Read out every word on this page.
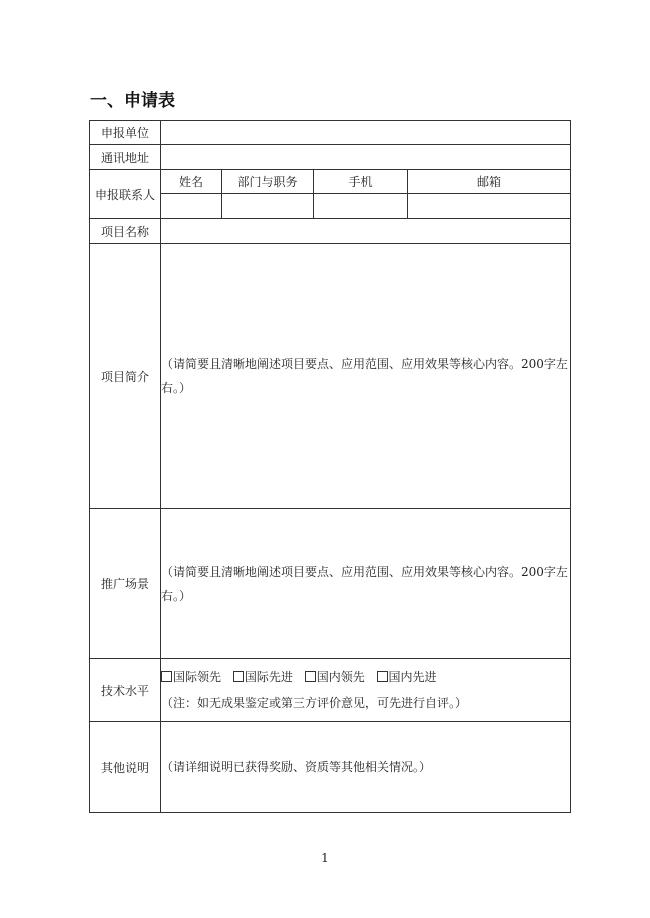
一、申请表
申报单位				
通讯地址				
申报联系人	姓名	部门与职务	手机	邮箱

项目名称				
项目简介	（请简要且清晰地阐述项目要点、应用范围、应用效果等核心内容。200字左右。）			
推广场景	（请简要且清晰地阐述项目要点、应用范围、应用效果等核心内容。200字左右。）			
技术水平	国际领先 国际先进 国内领先 国内先进
（注：如无成果鉴定或第三方评价意见，可先进行自评。）			

其他说明	（请详细说明已获得奖励、资质等其他相关情况。）			

1
